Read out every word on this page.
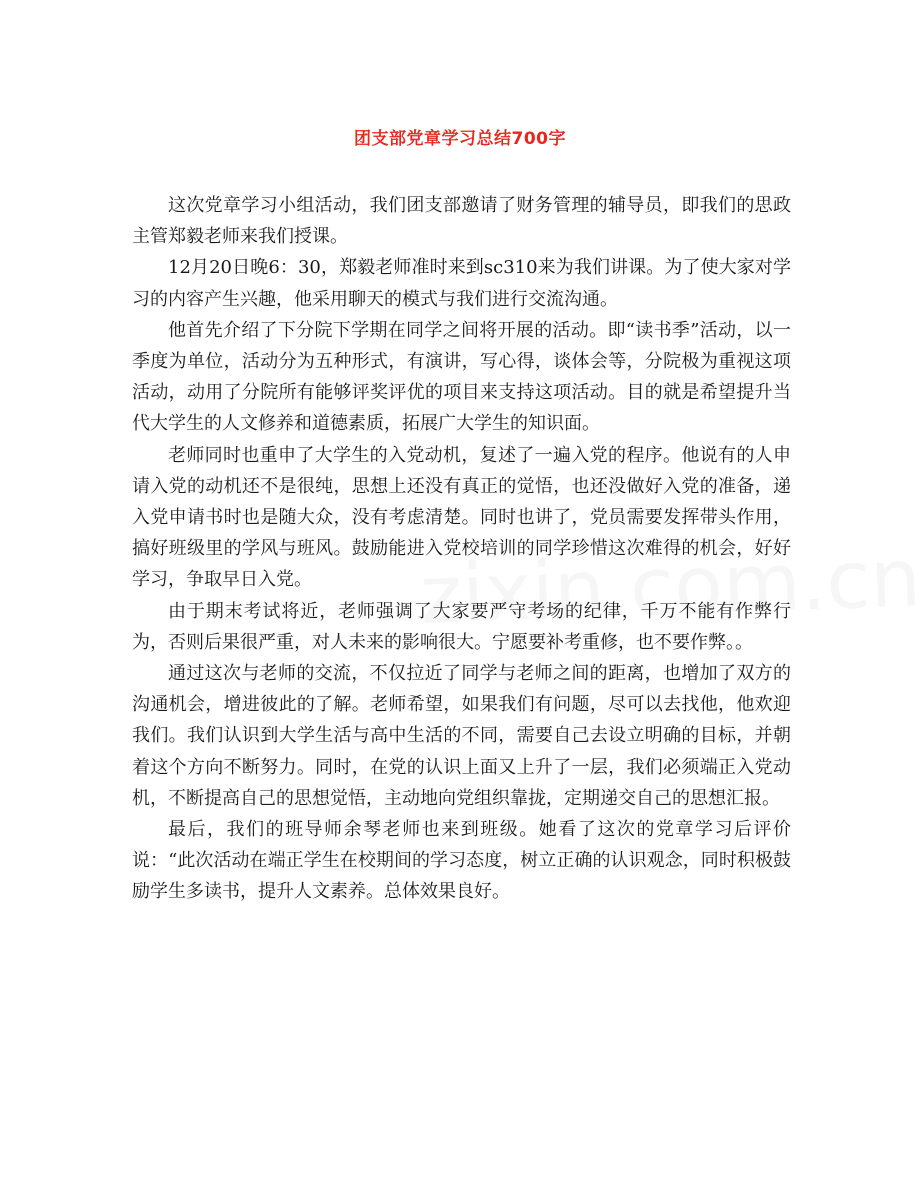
团支部党章学习总结700字

这次党章学习小组活动，我们团支部邀请了财务管理的辅导员，即我们的思政主管郑毅老师来我们授课。

12月20日晚6：30，郑毅老师准时来到sc310来为我们讲课。为了使大家对学习的内容产生兴趣，他采用聊天的模式与我们进行交流沟通。

他首先介绍了下分院下学期在同学之间将开展的活动。即“读书季”活动，以一季度为单位，活动分为五种形式，有演讲，写心得，谈体会等，分院极为重视这项活动，动用了分院所有能够评奖评优的项目来支持这项活动。目的就是希望提升当代大学生的人文修养和道德素质，拓展广大学生的知识面。

老师同时也重申了大学生的入党动机，复述了一遍入党的程序。他说有的人申请入党的动机还不是很纯，思想上还没有真正的觉悟，也还没做好入党的准备，递入党申请书时也是随大众，没有考虑清楚。同时也讲了，党员需要发挥带头作用，搞好班级里的学风与班风。鼓励能进入党校培训的同学珍惜这次难得的机会，好好学习，争取早日入党。

由于期末考试将近，老师强调了大家要严守考场的纪律，千万不能有作弊行为，否则后果很严重，对人未来的影响很大。宁愿要补考重修，也不要作弊。。

通过这次与老师的交流，不仅拉近了同学与老师之间的距离，也增加了双方的沟通机会，增进彼此的了解。老师希望，如果我们有问题，尽可以去找他，他欢迎我们。我们认识到大学生活与高中生活的不同，需要自己去设立明确的目标，并朝着这个方向不断努力。同时，在党的认识上面又上升了一层，我们必须端正入党动机，不断提高自己的思想觉悟，主动地向党组织靠拢，定期递交自己的思想汇报。

最后，我们的班导师余琴老师也来到班级。她看了这次的党章学习后评价说：“此次活动在端正学生在校期间的学习态度，树立正确的认识观念，同时积极鼓励学生多读书，提升人文素养。总体效果良好。
